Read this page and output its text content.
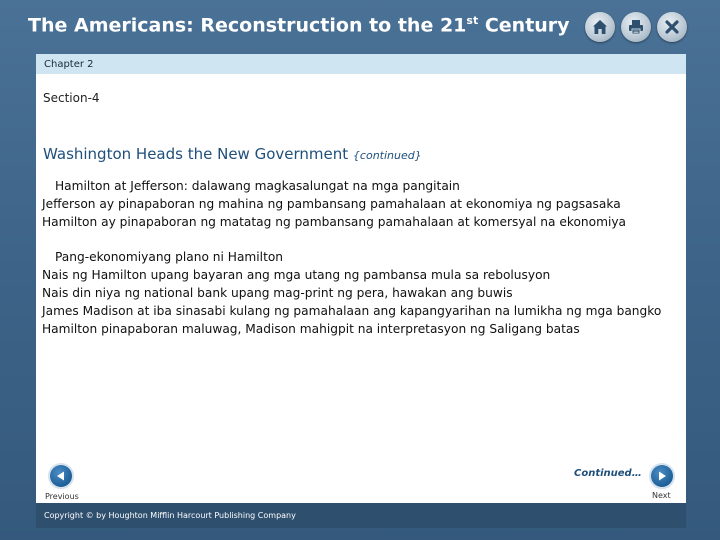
The Americans: Reconstruction to the 21st Century
Chapter 2
Section-4
Washington Heads the New Government {continued}
Hamilton at Jefferson: dalawang magkasalungat na mga pangitain
Jefferson ay pinapaboran ng mahina ng pambansang pamahalaan at ekonomiya ng pagsasaka
Hamilton ay pinapaboran ng matatag ng pambansang pamahalaan at komersyal na ekonomiya
Pang-ekonomiyang plano ni Hamilton
Nais ng Hamilton upang bayaran ang mga utang ng pambansa mula sa rebolusyon
Nais din niya ng national bank upang mag-print ng pera, hawakan ang buwis
James Madison at iba sinasabi kulang ng pamahalaan ang kapangyarihan na lumikha ng mga bangko
Hamilton pinapaboran maluwag, Madison mahigpit na interpretasyon ng Saligang batas
Previous
Continued…
Next
Copyright © by Houghton Mifflin Harcourt Publishing Company
